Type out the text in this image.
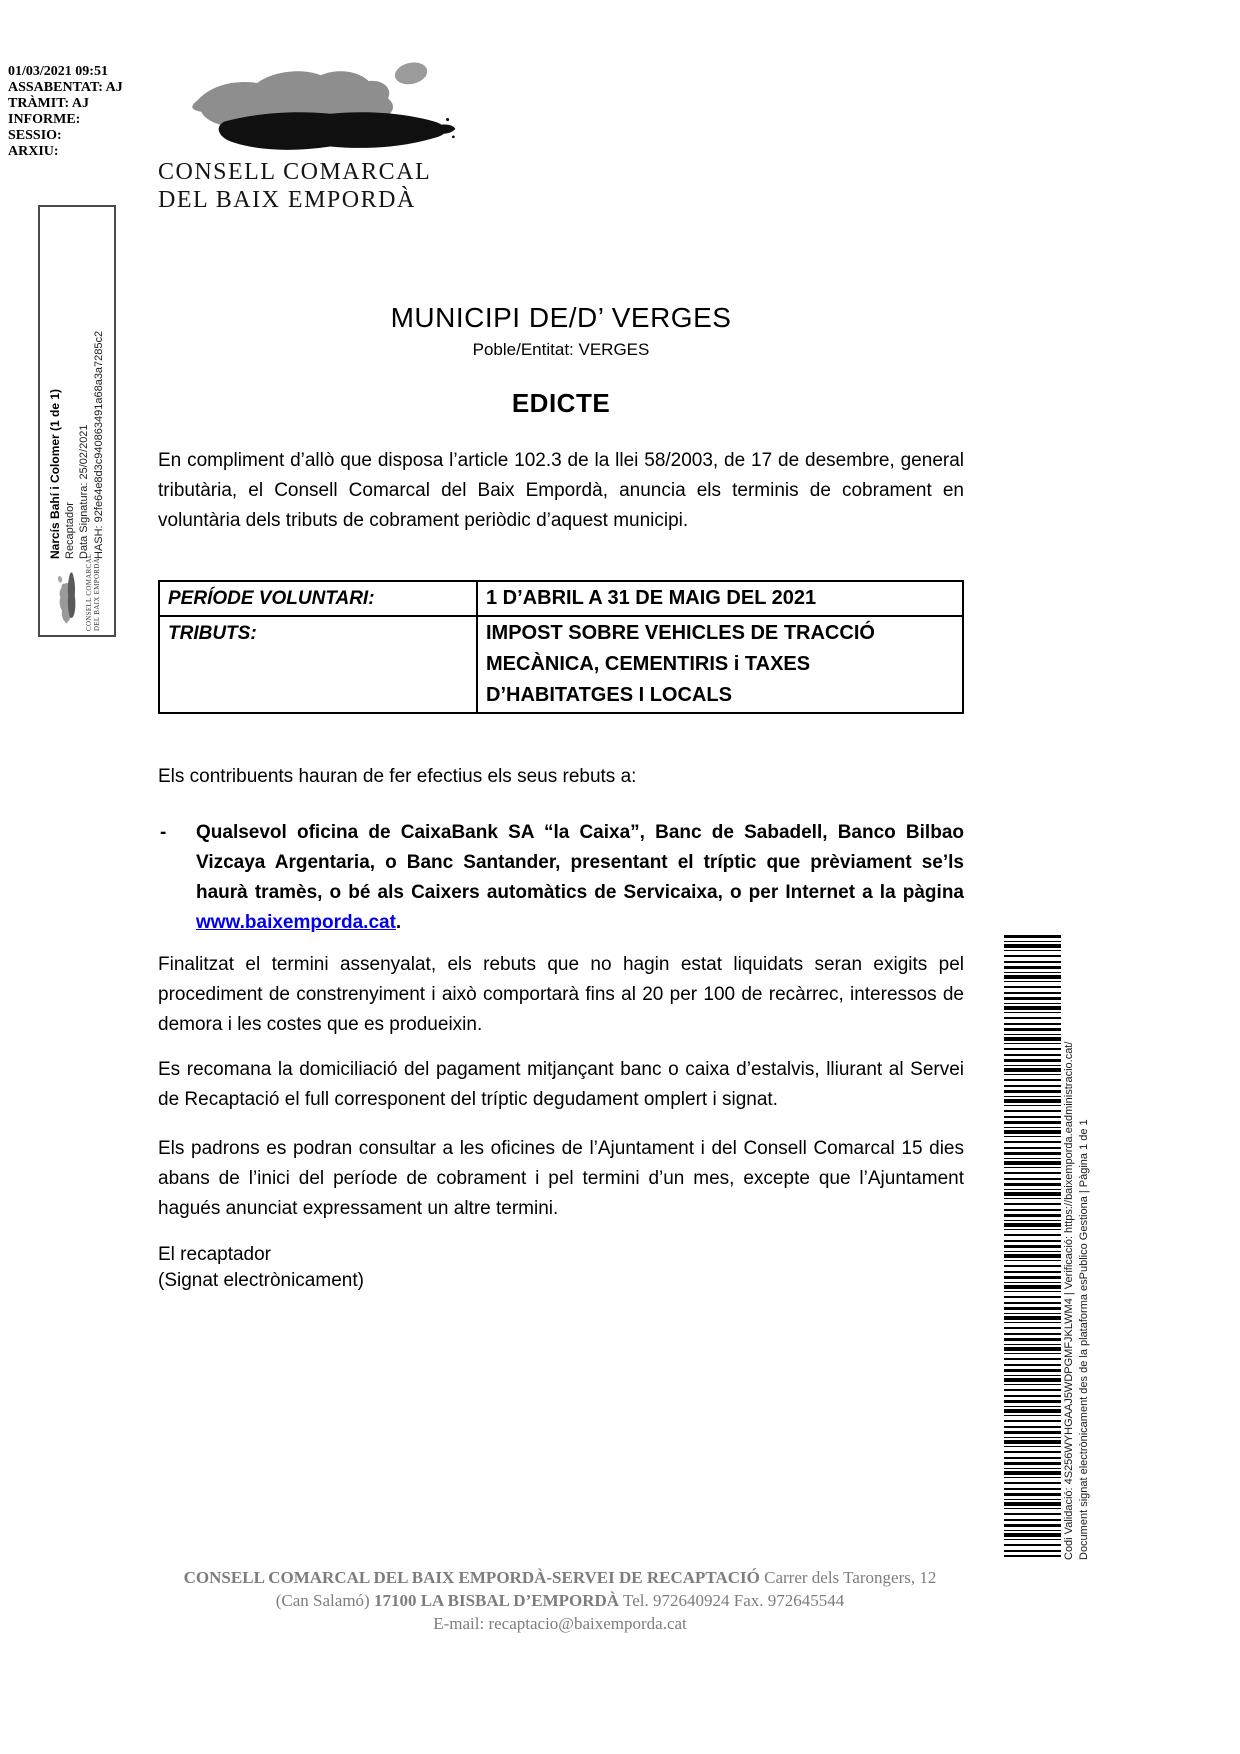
01/03/2021 09:51
ASSABENTAT: AJ
TRÀMIT: AJ
INFORME:
SESSIO:
ARXIU:
CONSELL COMARCAL
DEL BAIX EMPORDÀ
CONSELL COMARCAL DEL BAIX EMPORDÀ
Narcís Bahí i Colomer (1 de 1) Recaptador Data Signatura: 25/02/2021 HASH: 92fe64e8d3c940863491a68a3a7285c2
MUNICIPI DE/D’ VERGES
Poble/Entitat: VERGES
EDICTE
En compliment d’allò que disposa l’article 102.3 de la llei 58/2003, de 17 de desembre, general tributària, el Consell Comarcal del Baix Empordà, anuncia els terminis de cobrament en voluntària dels tributs de cobrament periòdic d’aquest municipi.
PERÍODE VOLUNTARI:	1 D’ABRIL A 31 DE MAIG DEL 2021
TRIBUTS:	IMPOST SOBRE VEHICLES DE TRACCIÓ MECÀNICA, CEMENTIRIS i TAXES D’HABITATGES I LOCALS
Els contribuents hauran de fer efectius els seus rebuts a:
- Qualsevol oficina de CaixaBank SA “la Caixa”, Banc de Sabadell, Banco Bilbao Vizcaya Argentaria, o Banc Santander, presentant el tríptic que prèviament se’ls haurà tramès, o bé als Caixers automàtics de Servicaixa, o per Internet a la pàgina www.baixemporda.cat.
Finalitzat el termini assenyalat, els rebuts que no hagin estat liquidats seran exigits pel procediment de constrenyiment i això comportarà fins al 20 per 100 de recàrrec, interessos de demora i les costes que es produeixin.
Es recomana la domiciliació del pagament mitjançant banc o caixa d’estalvis, lliurant al Servei de Recaptació el full corresponent del tríptic degudament omplert i signat.
Els padrons es podran consultar a les oficines de l’Ajuntament i del Consell Comarcal 15 dies abans de l’inici del període de cobrament i pel termini d’un mes, excepte que l’Ajuntament hagués anunciat expressament un altre termini.
El recaptador
(Signat electrònicament)
CONSELL COMARCAL DEL BAIX EMPORDÀ-SERVEI DE RECAPTACIÓ Carrer dels Tarongers, 12 (Can Salamó) 17100 LA BISBAL D’EMPORDÀ Tel. 972640924 Fax. 972645544
E-mail: recaptacio@baixemporda.cat
Codi Validació: 4S256WYHGAAJ5WDPGMFJKLWM4 | Verificació: https://baixemporda.eadministracio.cat/ Document signat electrònicament des de la plataforma esPublico Gestiona | Pàgina 1 de 1
